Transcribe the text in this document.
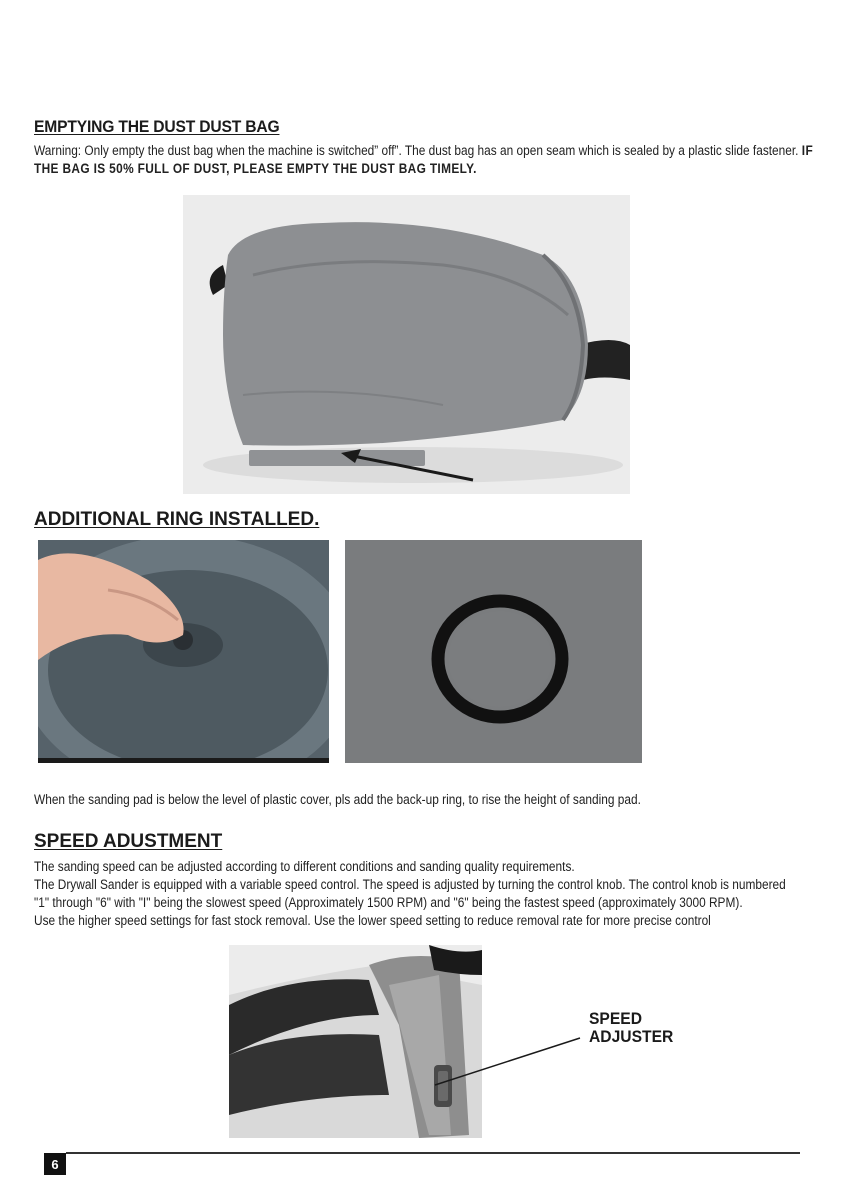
EMPTYING THE DUST DUST BAG
Warning: Only empty the dust bag when the machine is switched” off”. The dust bag has an open seam which is sealed by a plastic slide fastener. IF THE BAG IS 50% FULL OF DUST, PLEASE EMPTY THE DUST BAG TIMELY.
ADDITIONAL RING INSTALLED.
When the sanding pad is below the level of plastic cover, pls add the back-up ring, to rise the height of sanding pad.
SPEED ADUSTMENT
The sanding speed can be adjusted according to different conditions and sanding quality requirements.
The Drywall Sander is equipped with a variable speed control. The speed is adjusted by turning the control knob. The control knob is numbered
"1" through "6" with "I" being the slowest speed (Approximately 1500 RPM) and "6" being the fastest speed (approximately 3000 RPM).
Use the higher speed settings for fast stock removal. Use the lower speed setting to reduce removal rate for more precise control
SPEED
ADJUSTER
6
